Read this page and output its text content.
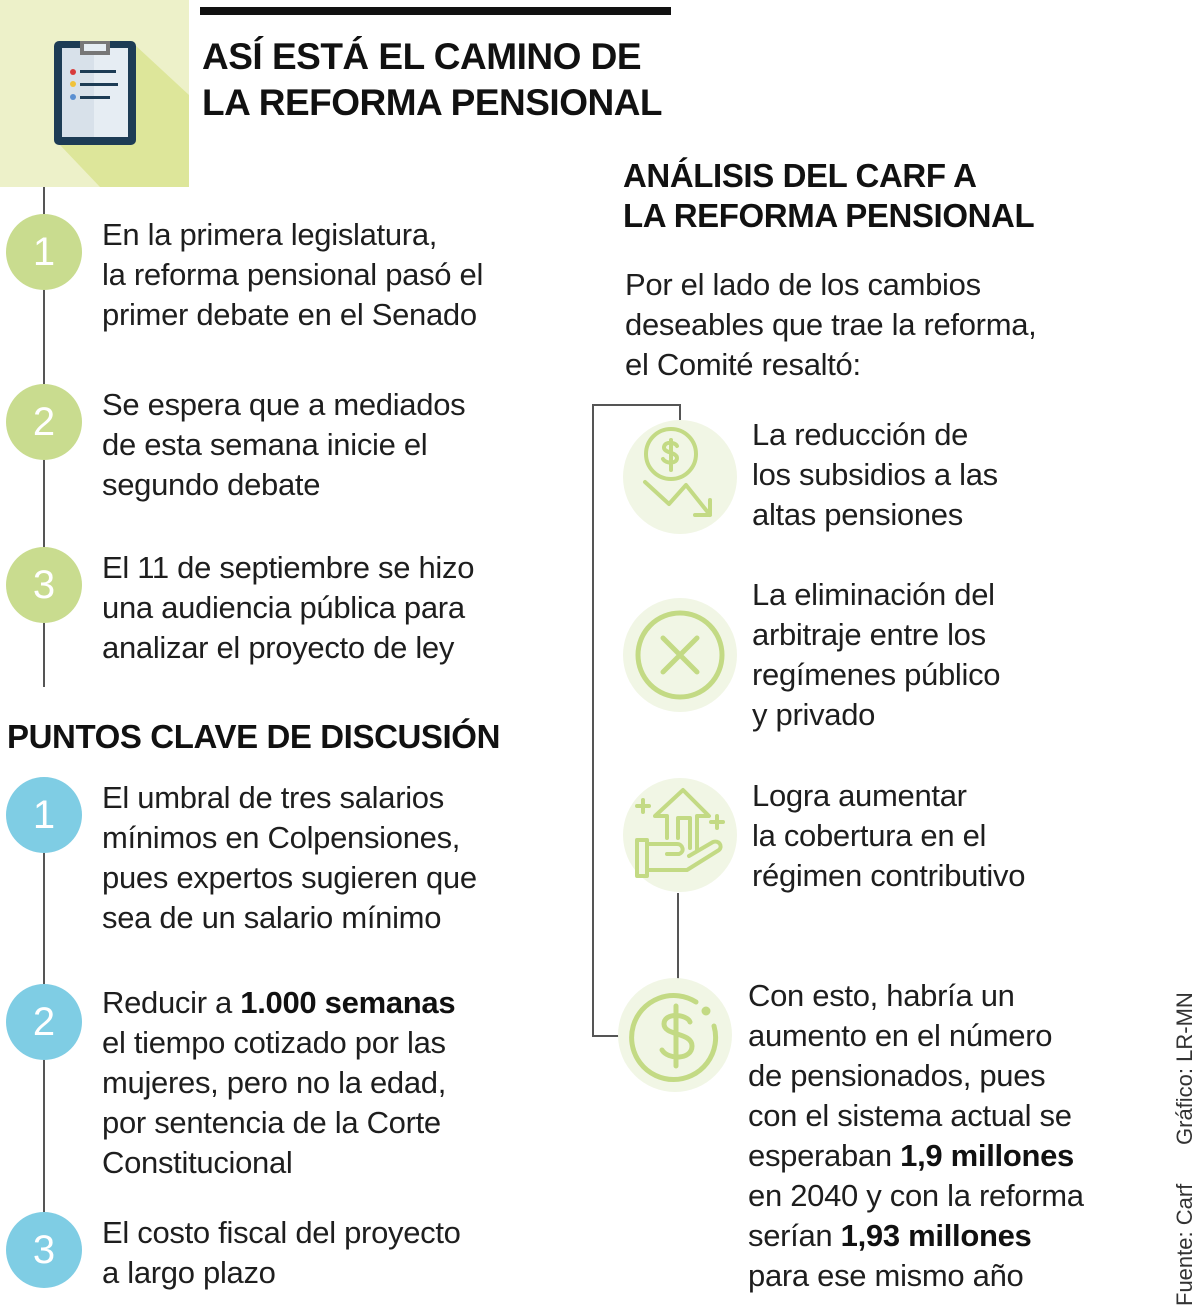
ASÍ ESTÁ EL CAMINO DE
LA REFORMA PENSIONAL
PUNTOS CLAVE DE DISCUSIÓN
ANÁLISIS DEL CARF A
LA REFORMA PENSIONAL
Por el lado de los cambios
deseables que trae la reforma,
el Comité resaltó:
Fuente: Carf
Gráfico: LR-MN
1	En la primera legislatura,
la reforma pensional pasó el
primer debate en el Senado
2	Se espera que a mediados
de esta semana inicie el
segundo debate
3	El 11 de septiembre se hizo
una audiencia pública para
analizar el proyecto de ley
1	El umbral de tres salarios
mínimos en Colpensiones,
pues expertos sugieren que
sea de un salario mínimo
2	Reducir a 1.000 semanas
el tiempo cotizado por las
mujeres, pero no la edad,
por sentencia de la Corte
Constitucional
3	El costo fiscal del proyecto
a largo plazo
La reducción de
los subsidios a las
altas pensiones
La eliminación del
arbitraje entre los
regímenes público
y privado
Logra aumentar
la cobertura en el
régimen contributivo
Con esto, habría un
aumento en el número
de pensionados, pues
con el sistema actual se
esperaban 1,9 millones
en 2040 y con la reforma
serían 1,93 millones
para ese mismo año
